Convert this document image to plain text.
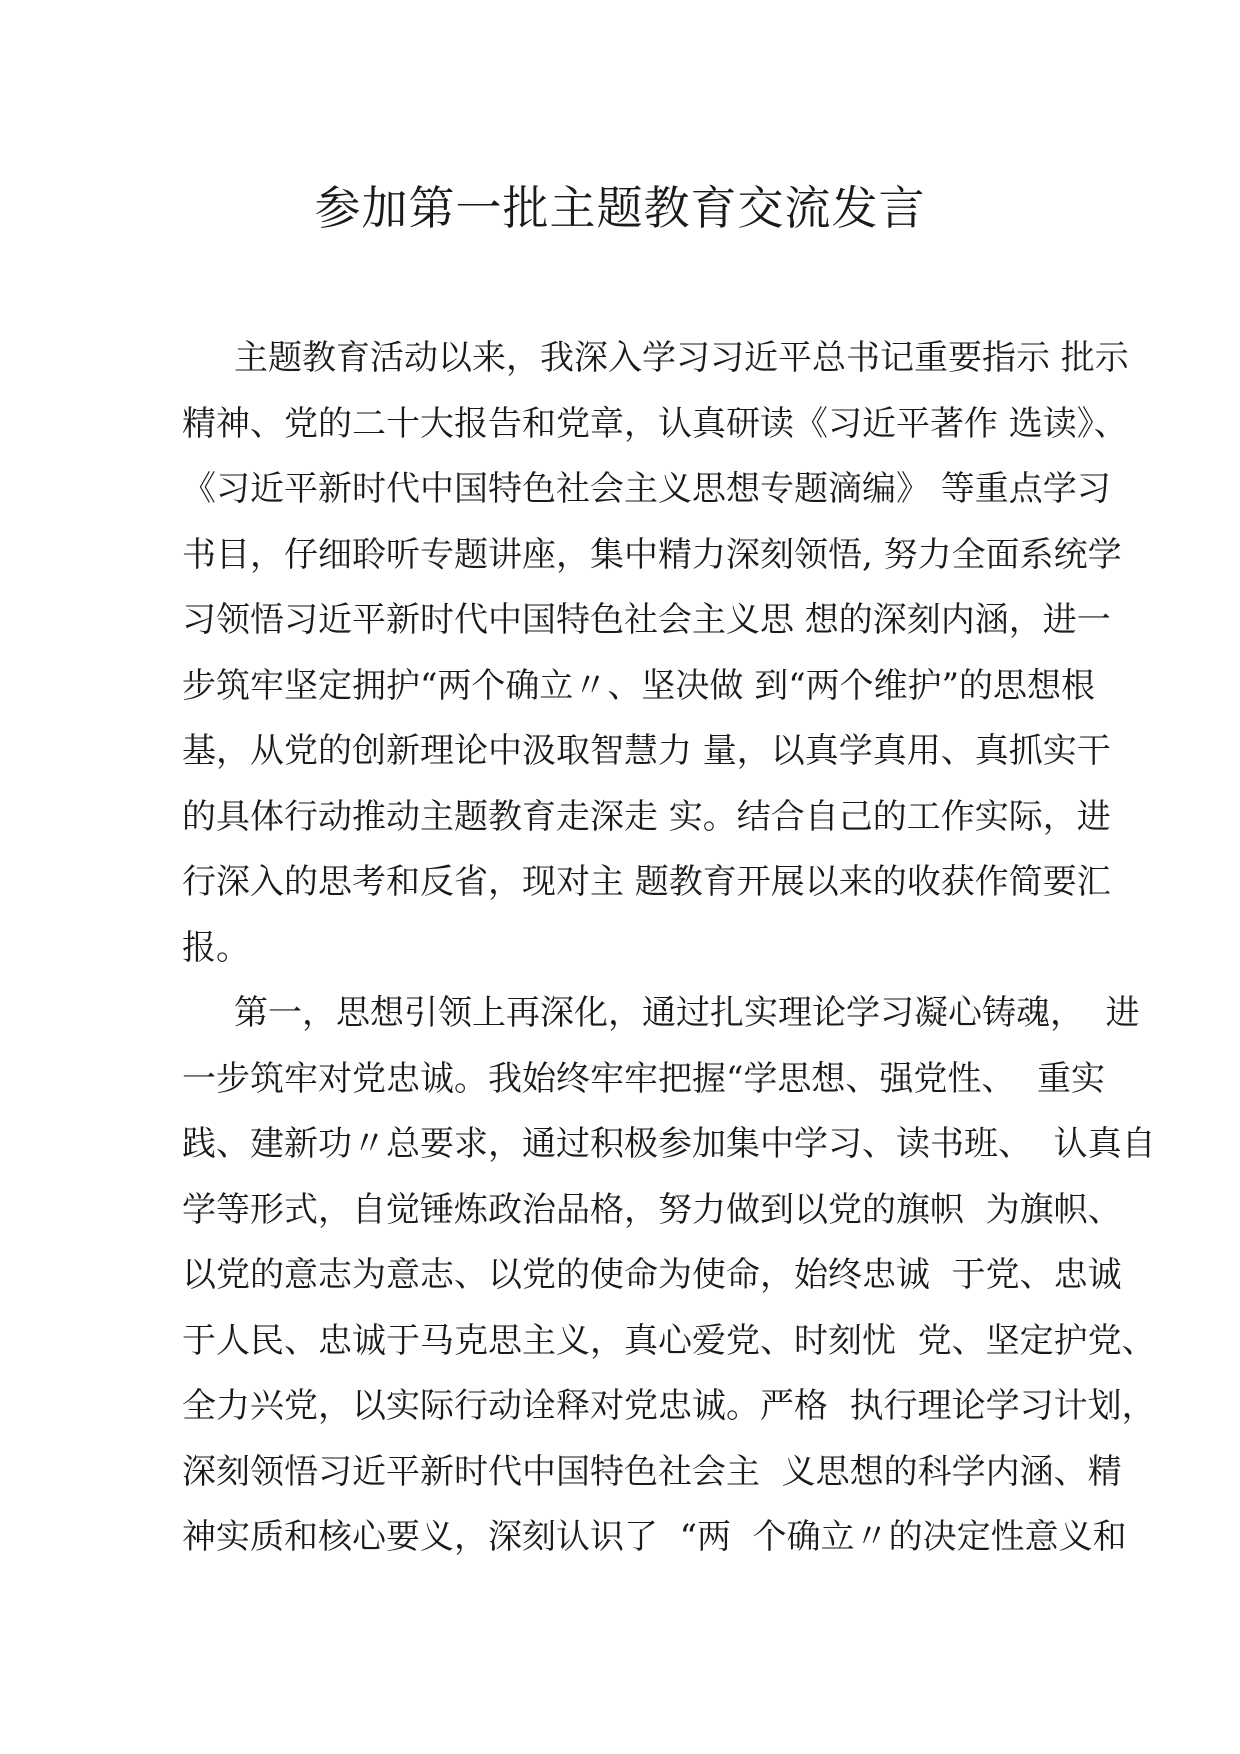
参加第一批主题教育交流发言
主题教育活动以来，我深入学习习近平总书记重要指示 批示
精神、党的二十大报告和党章，认真研读《习近平著作 选读》、
《习近平新时代中国特色社会主义思想专题滴编》 等重点学习
书目，仔细聆听专题讲座，集中精力深刻领悟, 努力全面系统学
习领悟习近平新时代中国特色社会主义思 想的深刻内涵，进一
步筑牢坚定拥护“两个确立〃、坚决做 到“两个维护”的思想根
基，从党的创新理论中汲取智慧力 量，以真学真用、真抓实干
的具体行动推动主题教育走深走 实。结合自己的工作实际，进
行深入的思考和反省，现对主 题教育开展以来的收获作简要汇
报。
第一，思想引领上再深化，通过扎实理论学习凝心铸魂，  进
一步筑牢对党忠诚。我始终牢牢把握“学思想、强党性、  重实
践、建新功〃总要求，通过积极参加集中学习、读书班、  认真自
学等形式，自觉锤炼政治品格，努力做到以党的旗帜  为旗帜、
以党的意志为意志、以党的使命为使命，始终忠诚  于党、忠诚
于人民、忠诚于马克思主义，真心爱党、时刻忧  党、坚定护党、
全力兴党，以实际行动诠释对党忠诚。严格  执行理论学习计划，
深刻领悟习近平新时代中国特色社会主  义思想的科学内涵、精
神实质和核心要义，深刻认识了  “两  个确立〃的决定性意义和
